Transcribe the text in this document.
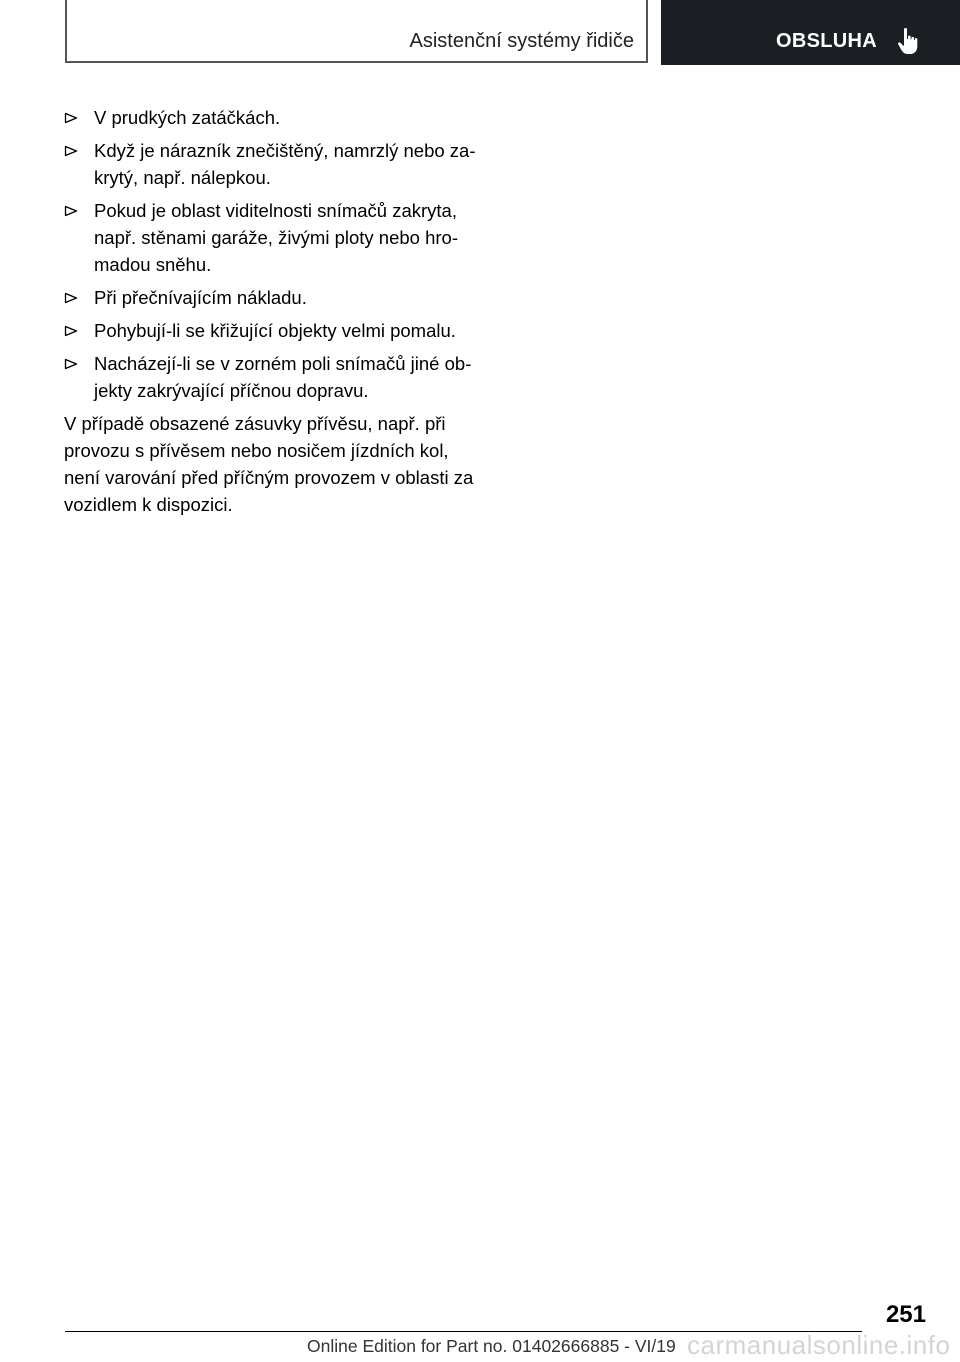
Asistenční systémy řidiče	OBSLUHA
V prudkých zatáčkách.
Když je nárazník znečištěný, namrzlý nebo za‐
krytý, např. nálepkou.
Pokud je oblast viditelnosti snímačů zakryta,
např. stěnami garáže, živými ploty nebo hro‐
madou sněhu.
Při přečnívajícím nákladu.
Pohybují-li se křižující objekty velmi pomalu.
Nacházejí-li se v zorném poli snímačů jiné ob‐
jekty zakrývající příčnou dopravu.

V případě obsazené zásuvky přívěsu, např. při
provozu s přívěsem nebo nosičem jízdních kol,
není varování před příčným provozem v oblasti za
vozidlem k dispozici.

251
Online Edition for Part no. 01402666885 - VI/19 carmanualsonline.info
